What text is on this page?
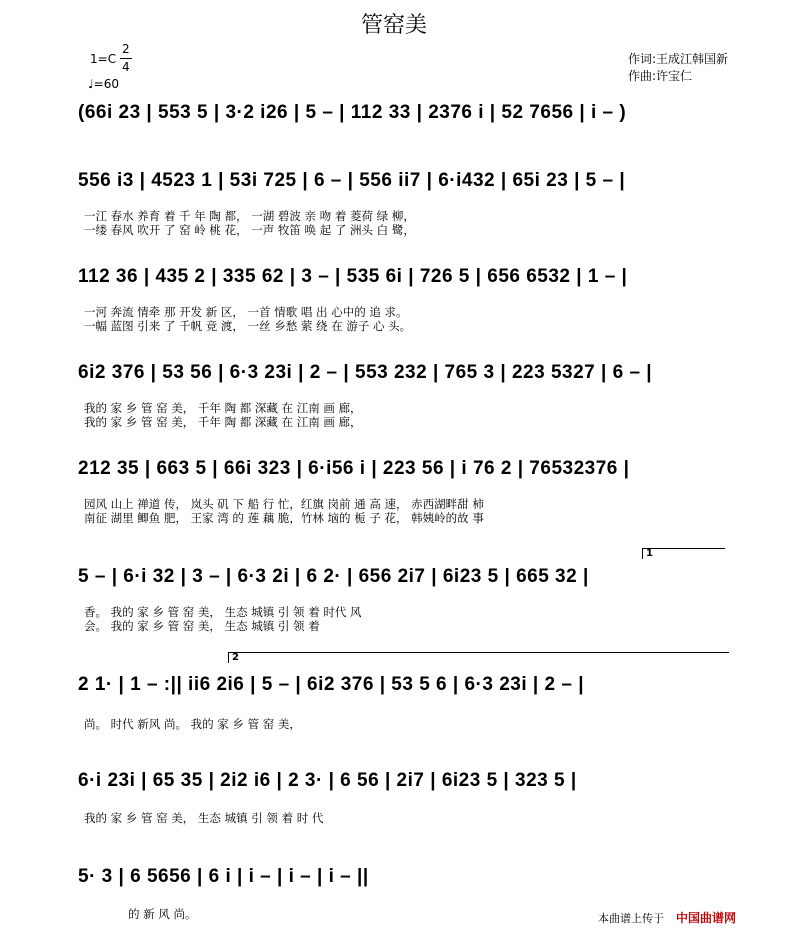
管窑美
1=C
2
4
♩=60
作词:王成江韩国新
作曲:许宝仁
(66i 23 | 553 5 | 3·2 i26 | 5 – | 112 33 | 2376 i | 52 7656 | i – )
556 i3 | 4523 1 | 53i 725 | 6 – | 556 ii7 | 6·i432 | 65i 23 | 5 – |
一江 春水 养育 着 千 年 陶 都， 一湖 碧波 亲 吻 着 菱荷 绿 柳，
一缕 春风 吹开 了 窑 岭 桃 花， 一声 牧笛 唤 起 了 洲头 白 鹭，
112 36 | 435 2 | 335 62 | 3 – | 535 6i | 726 5 | 656 6532 | 1 – |
一河 奔流 情牵 那 开发 新 区， 一首 情歌 唱 出 心中的 追 求。
一幅 蓝图 引来 了 千帆 竞 渡， 一丝 乡愁 萦 绕 在 游子 心 头。
6i2 376 | 53 56 | 6·3 23i | 2 – | 553 232 | 765 3 | 223 5327 | 6 – |
我的 家 乡 管 窑 美， 千年 陶 都 深藏 在 江南 画 廊，
我的 家 乡 管 窑 美， 千年 陶 都 深藏 在 江南 画 廊，
212 35 | 663 5 | 66i 323 | 6·i56 i | 223 56 | i 76 2 | 76532376 |
园风 山上 禅道 传， 岚头 矶 下 船 行 忙，红旗 岗前 通 高 速， 赤西湖畔甜 柿
南征 湖里 鲫鱼 肥， 王家 湾 的 莲 藕 脆，竹林 垴的 栀 子 花， 韩姨岭的故 事
1
5 – | 6·i 32 | 3 – | 6·3 2i | 6 2· | 656 2i7 | 6i23 5 | 665 32 |
香。 我的 家 乡 管 窑 美， 生态 城镇 引 领 着 时代 风
会。 我的 家 乡 管 窑 美， 生态 城镇 引 领 着
2
2 1· | 1 – :|| ii6 2i6 | 5 – | 6i2 376 | 53 5 6 | 6·3 23i | 2 – |
尚。 时代 新风 尚。 我的 家 乡 管 窑 美，
6·i 23i | 65 35 | 2i2 i6 | 2 3· | 6 56 | 2i7 | 6i23 5 | 323 5 |
我的 家 乡 管 窑 美， 生态 城镇 引 领 着 时 代
5· 3 | 6 5656 | 6 i | i – | i – | i – ||
的 新 风 尚。	本曲谱上传于 中国曲谱网
